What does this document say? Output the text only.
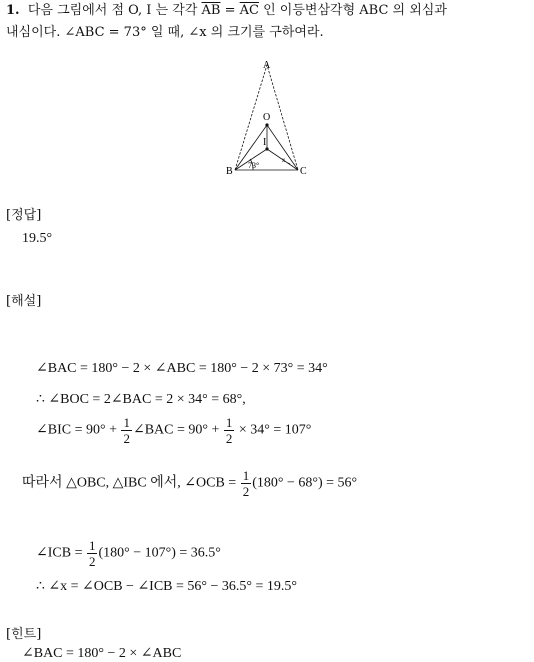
1. 다음 그림에서 점 O, I 는 각각 $\overline{AB} = \overline{AC}$ 인 이등변삼각형 ABC 의 외심과
내심이다. ∠ABC = 73° 일 때, ∠x 의 크기를 구하여라.
A
O
I
B	C
73°
x
[정답]
19.5°
[해설]
∠BAC = 180° − 2 × ∠ABC = 180° − 2 × 73° = 34°
∴ ∠BOC = 2∠BAC = 2 × 34° = 68°,
∠BIC = $90^\circ + \frac{1}{2}$ ∠BAC = $90^\circ + \frac{1}{2} \times 34^\circ = 107^\circ$
따라서 △OBC, △IBC 에서, ∠OCB = $\frac{1}{2} (180^\circ - 68^\circ) = 56^\circ$
∠ICB = $\frac{1}{2} (180^\circ - 107^\circ) = 36.5^\circ$
∴ ∠x = ∠OCB − ∠ICB = 56° − 36.5° = 19.5°
[힌트]
∠BAC = 180° − 2 × ∠ABC
